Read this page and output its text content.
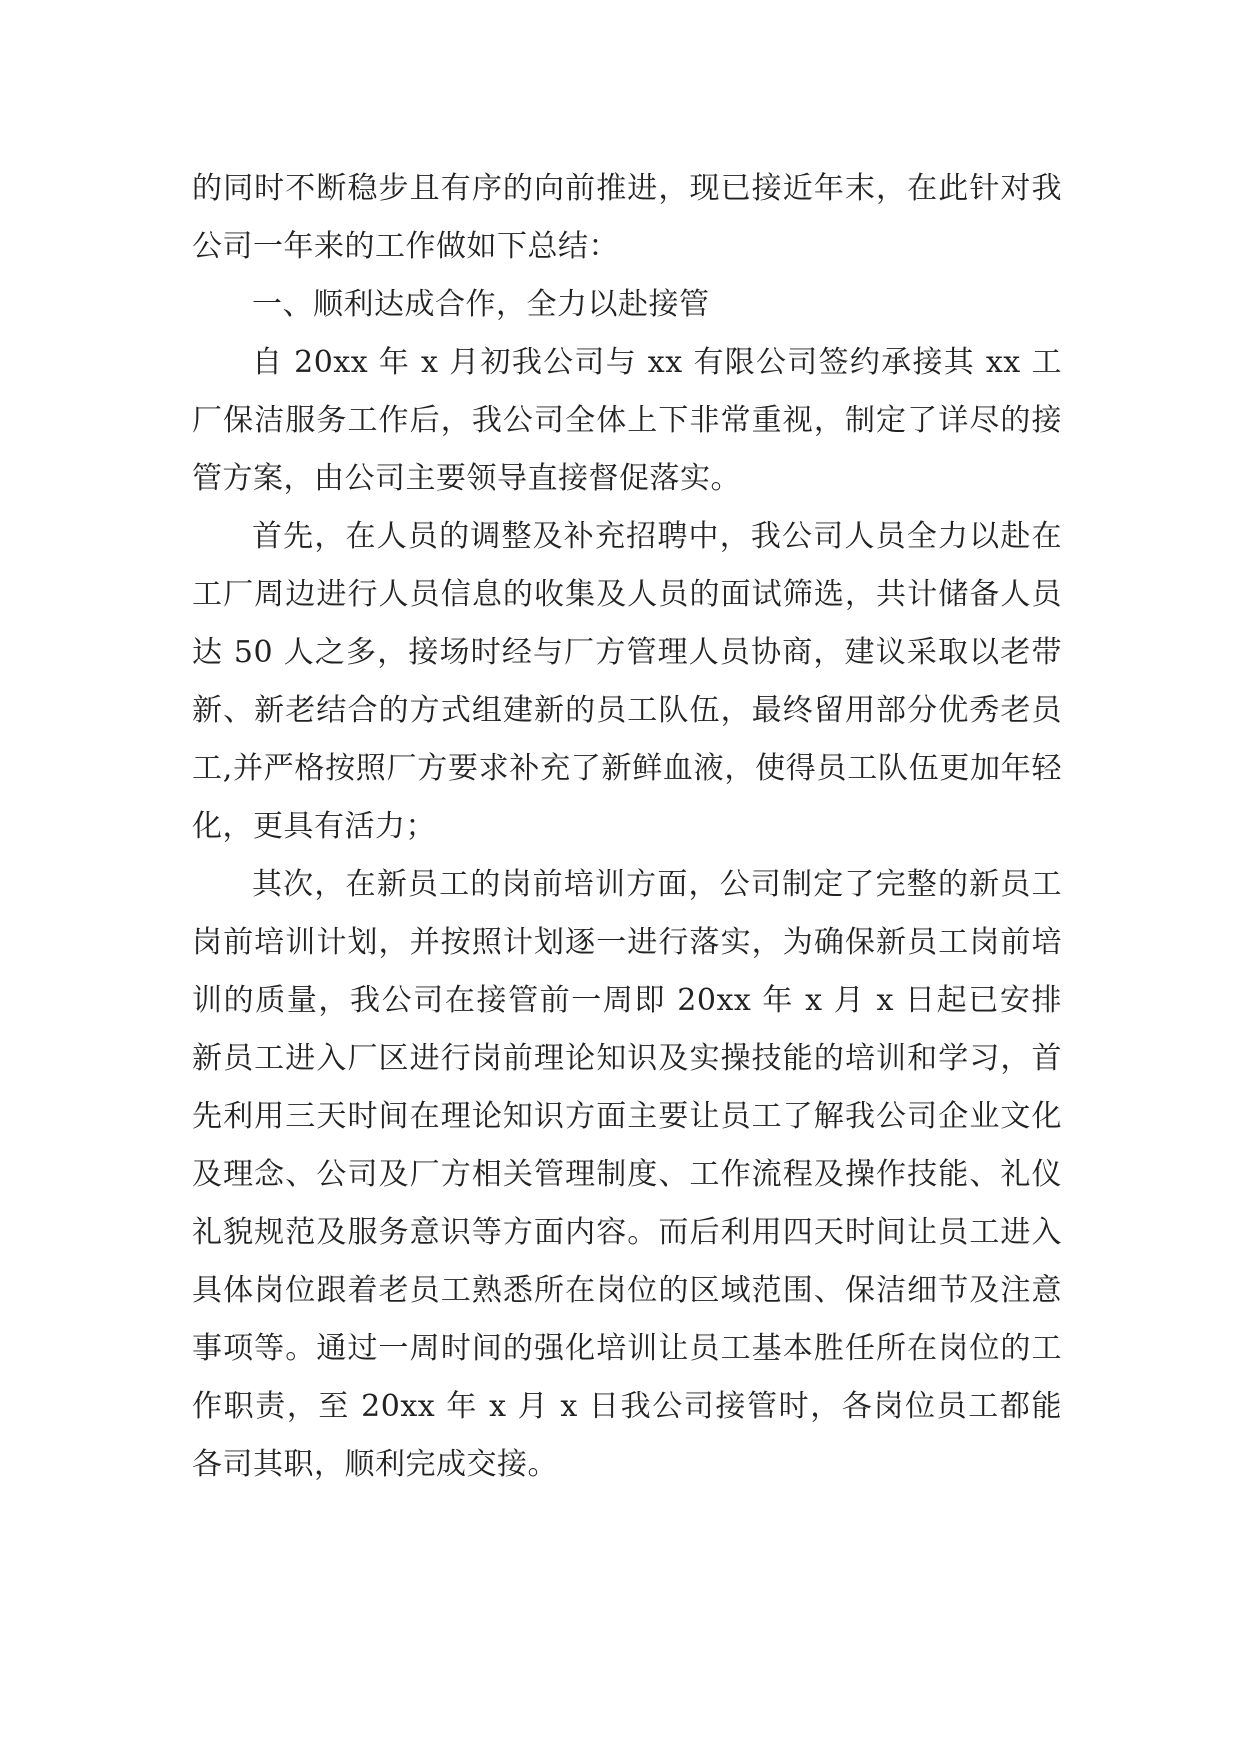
的同时不断稳步且有序的向前推进，现已接近年末，在此针对我公司一年来的工作做如下总结：

一、顺利达成合作，全力以赴接管

自 20xx 年 x 月初我公司与 xx 有限公司签约承接其 xx 工厂保洁服务工作后，我公司全体上下非常重视，制定了详尽的接管方案，由公司主要领导直接督促落实。

首先，在人员的调整及补充招聘中，我公司人员全力以赴在工厂周边进行人员信息的收集及人员的面试筛选，共计储备人员达 50 人之多，接场时经与厂方管理人员协商，建议采取以老带新、新老结合的方式组建新的员工队伍，最终留用部分优秀老员工,并严格按照厂方要求补充了新鲜血液，使得员工队伍更加年轻化，更具有活力；

其次，在新员工的岗前培训方面，公司制定了完整的新员工岗前培训计划，并按照计划逐一进行落实，为确保新员工岗前培训的质量，我公司在接管前一周即 20xx 年 x 月 x 日起已安排新员工进入厂区进行岗前理论知识及实操技能的培训和学习，首先利用三天时间在理论知识方面主要让员工了解我公司企业文化及理念、公司及厂方相关管理制度、工作流程及操作技能、礼仪礼貌规范及服务意识等方面内容。而后利用四天时间让员工进入具体岗位跟着老员工熟悉所在岗位的区域范围、保洁细节及注意事项等。通过一周时间的强化培训让员工基本胜任所在岗位的工作职责，至 20xx 年 x 月 x 日我公司接管时，各岗位员工都能各司其职，顺利完成交接。
